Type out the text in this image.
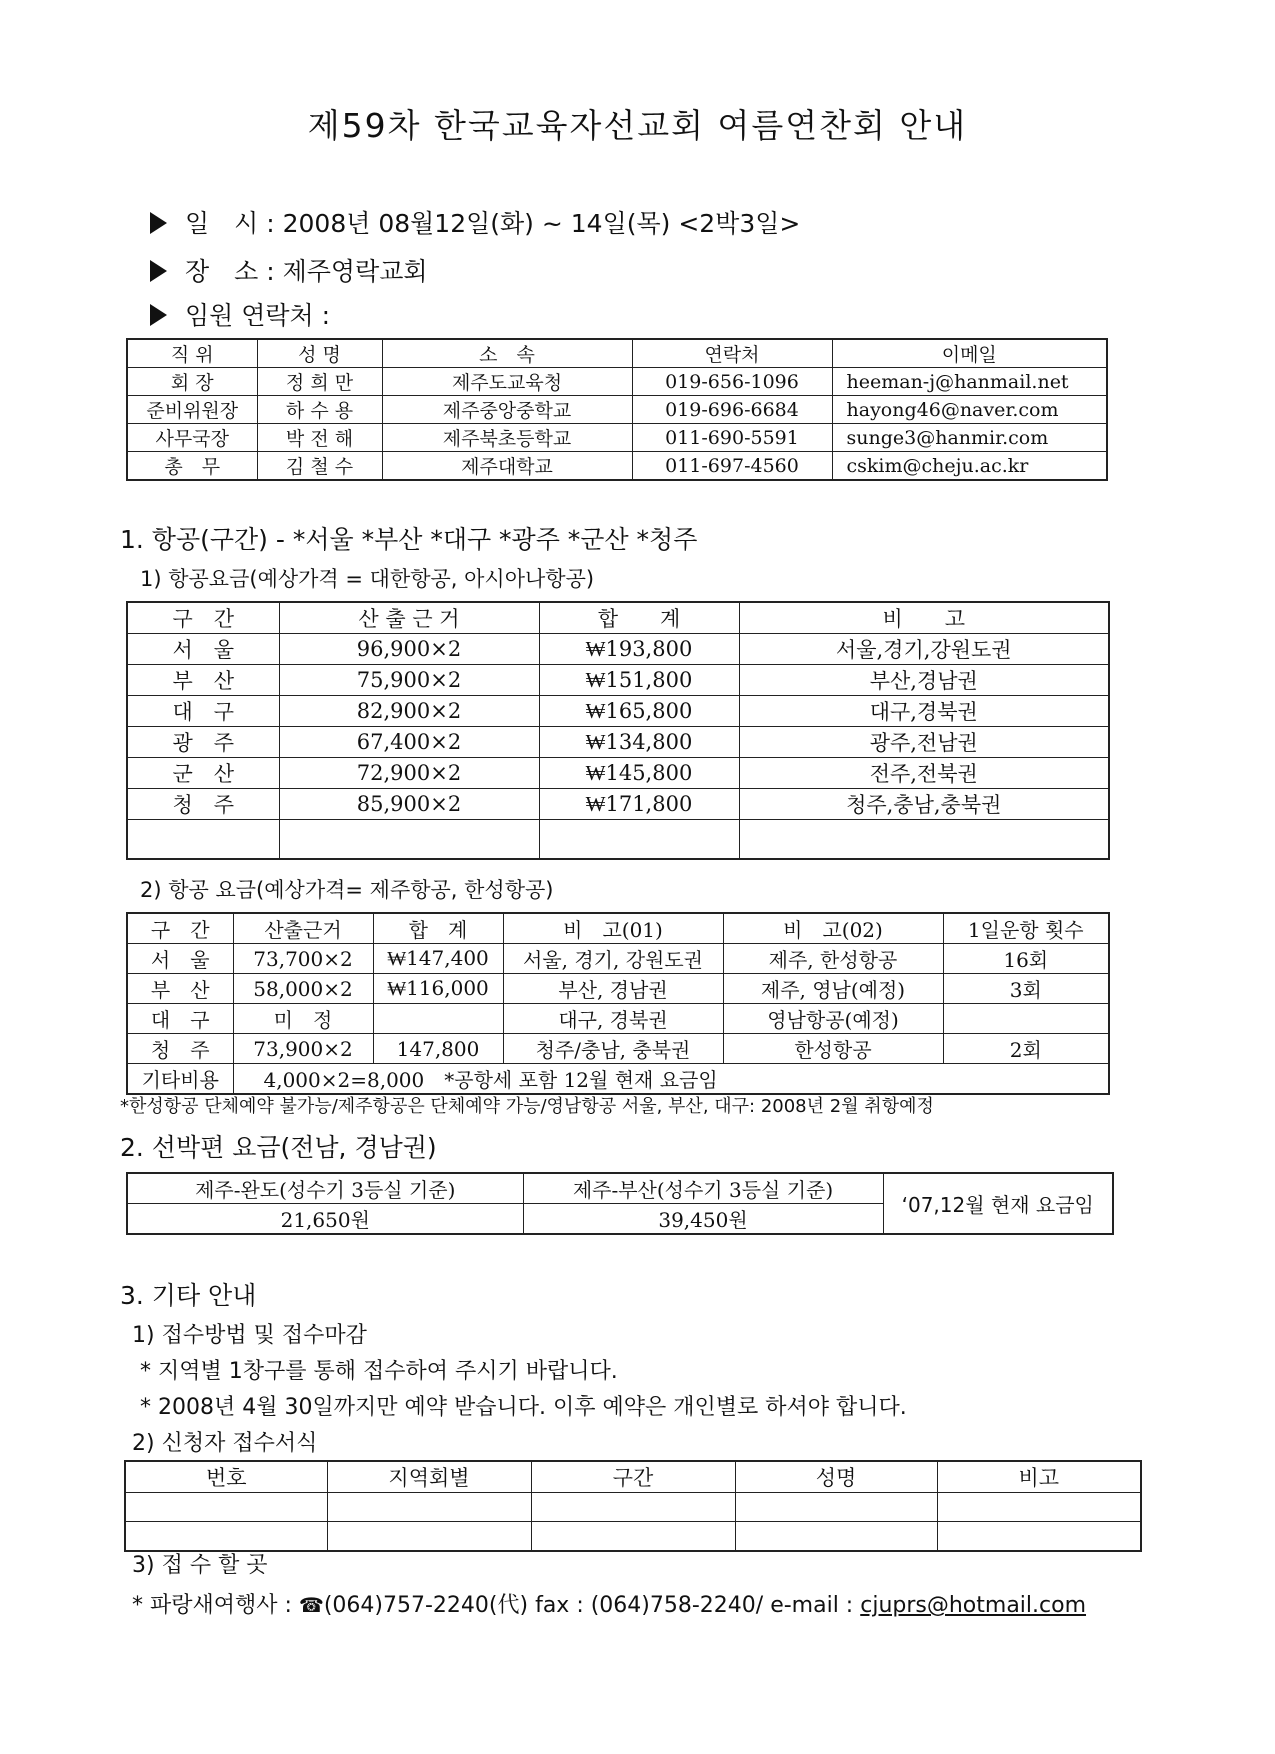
제59차 한국교육자선교회 여름연찬회 안내
일　시 : 2008년 08월12일(화) ~ 14일(목) <2박3일>
장　소 : 제주영락교회
임원 연락처 :
직 위	성 명	소　속	연락처	이메일
회 장	정 희 만	제주도교육청	019-656-1096	heeman-j@hanmail.net
준비위원장	하 수 용	제주중앙중학교	019-696-6684	hayong46@naver.com
사무국장	박 전 해	제주북초등학교	011-690-5591	sunge3@hanmir.com
총　무	김 철 수	제주대학교	011-697-4560	cskim@cheju.ac.kr
1. 항공(구간) - *서울 *부산 *대구 *광주 *군산 *청주
1) 항공요금(예상가격 = 대한항공, 아시아나항공)
구　간	산 출 근 거	합　　계	비　　고
서　울	96,900×2	₩193,800	서울,경기,강원도권
부　산	75,900×2	₩151,800	부산,경남권
대　구	82,900×2	₩165,800	대구,경북권
광　주	67,400×2	₩134,800	광주,전남권
군　산	72,900×2	₩145,800	전주,전북권
청　주	85,900×2	₩171,800	청주,충남,충북권

2) 항공 요금(예상가격= 제주항공, 한성항공)
구　간	산출근거	합　계	비　고(01)	비　고(02)	1일운항 횟수
서　울	73,700×2	₩147,400	서울, 경기, 강원도권	제주, 한성항공	16회
부　산	58,000×2	₩116,000	부산, 경남권	제주, 영남(예정)	3회
대　구	미　정		대구, 경북권	영남항공(예정)	
청　주	73,900×2	147,800	청주/충남, 충북권	한성항공	2회
기타비용	4,000×2=8,000　*공항세 포함 12월 현재 요금임				
*한성항공 단체예약 불가능/제주항공은 단체예약 가능/영남항공 서울, 부산, 대구: 2008년 2월 취항예정
2. 선박편 요금(전남, 경남권)
제주-완도(성수기 3등실 기준)	제주-부산(성수기 3등실 기준)	‘07,12월 현재 요금임
21,650원	39,450원	
3. 기타 안내
1) 접수방법 및 접수마감
* 지역별 1창구를 통해 접수하여 주시기 바랍니다.
* 2008년 4월 30일까지만 예약 받습니다. 이후 예약은 개인별로 하셔야 합니다.
2) 신청자 접수서식
번호	지역회별	구간	성명	비고

3) 접 수 할 곳
* 파랑새여행사 : ☎(064)757-2240(代) fax : (064)758-2240/ e-mail : cjuprs@hotmail.com
